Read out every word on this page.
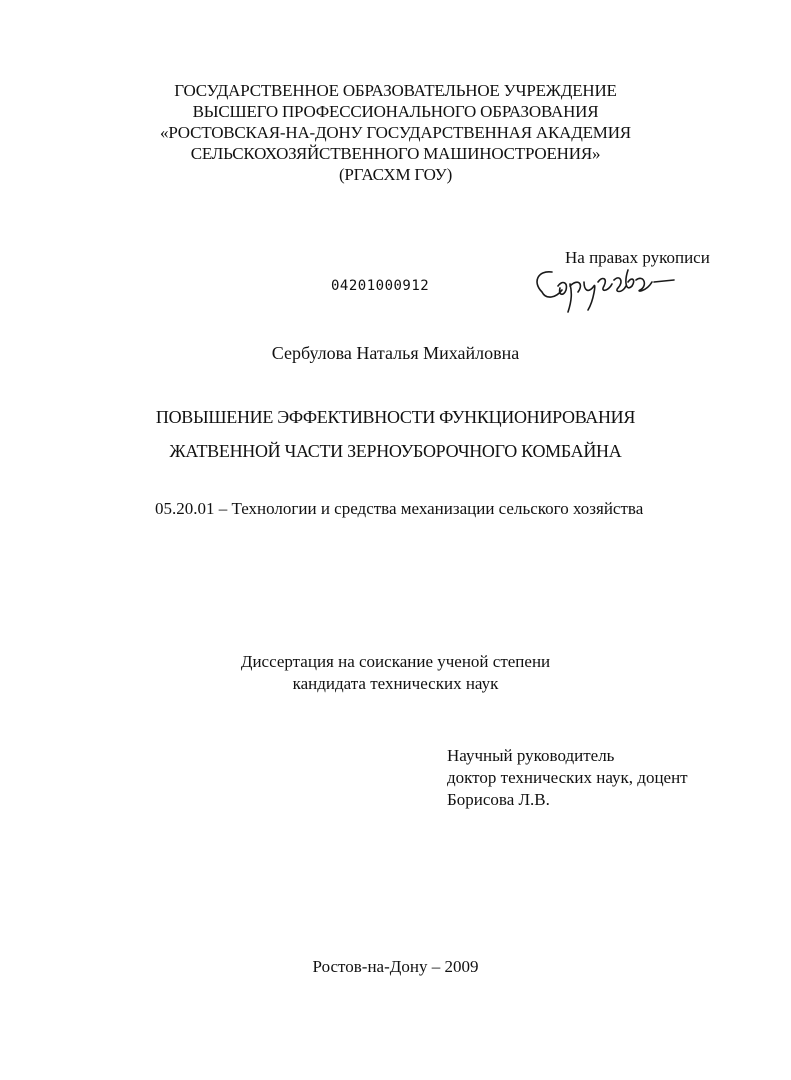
ГОСУДАРСТВЕННОЕ ОБРАЗОВАТЕЛЬНОЕ УЧРЕЖДЕНИЕ
ВЫСШЕГО ПРОФЕССИОНАЛЬНОГО ОБРАЗОВАНИЯ
«РОСТОВСКАЯ-НА-ДОНУ ГОСУДАРСТВЕННАЯ АКАДЕМИЯ
СЕЛЬСКОХОЗЯЙСТВЕННОГО МАШИНОСТРОЕНИЯ»
(РГАСХМ ГОУ)
На правах рукописи
04201000912
Сербулова Наталья Михайловна
ПОВЫШЕНИЕ ЭФФЕКТИВНОСТИ ФУНКЦИОНИРОВАНИЯ
ЖАТВЕННОЙ ЧАСТИ ЗЕРНОУБОРОЧНОГО КОМБАЙНА
05.20.01 – Технологии и средства механизации сельского хозяйства
Диссертация на соискание ученой степени
кандидата технических наук
Научный руководитель
доктор технических наук, доцент
Борисова Л.В.
Ростов-на-Дону – 2009
